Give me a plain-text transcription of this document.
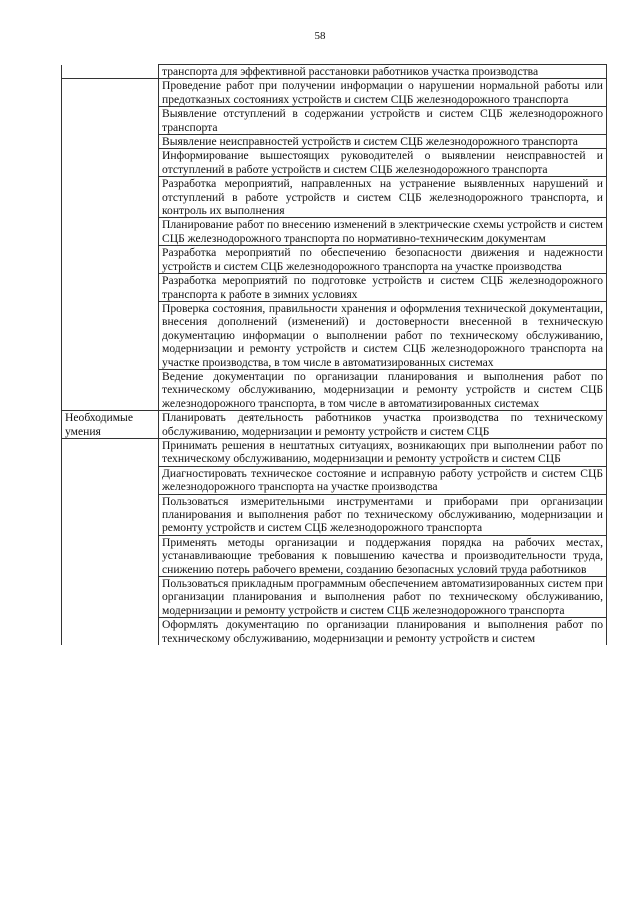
58
	транспорта для эффективной расстановки работников участка производства
	Проведение работ при получении информации о нарушении нормальной работы или предотказных состояниях устройств и систем СЦБ железнодорожного транспорта
	Выявление отступлений в содержании устройств и систем СЦБ железнодорожного транспорта
	Выявление неисправностей устройств и систем СЦБ железнодорожного транспорта
	Информирование вышестоящих руководителей о выявлении неисправностей и отступлений в работе устройств и систем СЦБ железнодорожного транспорта
	Разработка мероприятий, направленных на устранение выявленных нарушений и отступлений в работе устройств и систем СЦБ железнодорожного транспорта, и контроль их выполнения
	Планирование работ по внесению изменений в электрические схемы устройств и систем СЦБ железнодорожного транспорта по нормативно-техническим документам
	Разработка мероприятий по обеспечению безопасности движения и надежности устройств и систем СЦБ железнодорожного транспорта на участке производства
	Разработка мероприятий по подготовке устройств и систем СЦБ железнодорожного транспорта к работе в зимних условиях
	Проверка состояния, правильности хранения и оформления технической документации, внесения дополнений (изменений) и достоверности внесенной в техническую документацию информации о выполнении работ по техническому обслуживанию, модернизации и ремонту устройств и систем СЦБ железнодорожного транспорта на участке производства, в том числе в автоматизированных системах
	Ведение документации по организации планирования и выполнения работ по техническому обслуживанию, модернизации и ремонту устройств и систем СЦБ железнодорожного транспорта, в том числе в автоматизированных системах
Необходимые умения	Планировать деятельность работников участка производства по техническому обслуживанию, модернизации и ремонту устройств и систем СЦБ
	Принимать решения в нештатных ситуациях, возникающих при выполнении работ по техническому обслуживанию, модернизации и ремонту устройств и систем СЦБ
	Диагностировать техническое состояние и исправную работу устройств и систем СЦБ железнодорожного транспорта на участке производства
	Пользоваться измерительными инструментами и приборами при организации планирования и выполнения работ по техническому обслуживанию, модернизации и ремонту устройств и систем СЦБ железнодорожного транспорта
	Применять методы организации и поддержания порядка на рабочих местах, устанавливающие требования к повышению качества и производительности труда, снижению потерь рабочего времени, созданию безопасных условий труда работников
	Пользоваться прикладным программным обеспечением автоматизированных систем при организации планирования и выполнения работ по техническому обслуживанию, модернизации и ремонту устройств и систем СЦБ железнодорожного транспорта
	Оформлять документацию по организации планирования и выполнения работ по техническому обслуживанию, модернизации и ремонту устройств и систем
